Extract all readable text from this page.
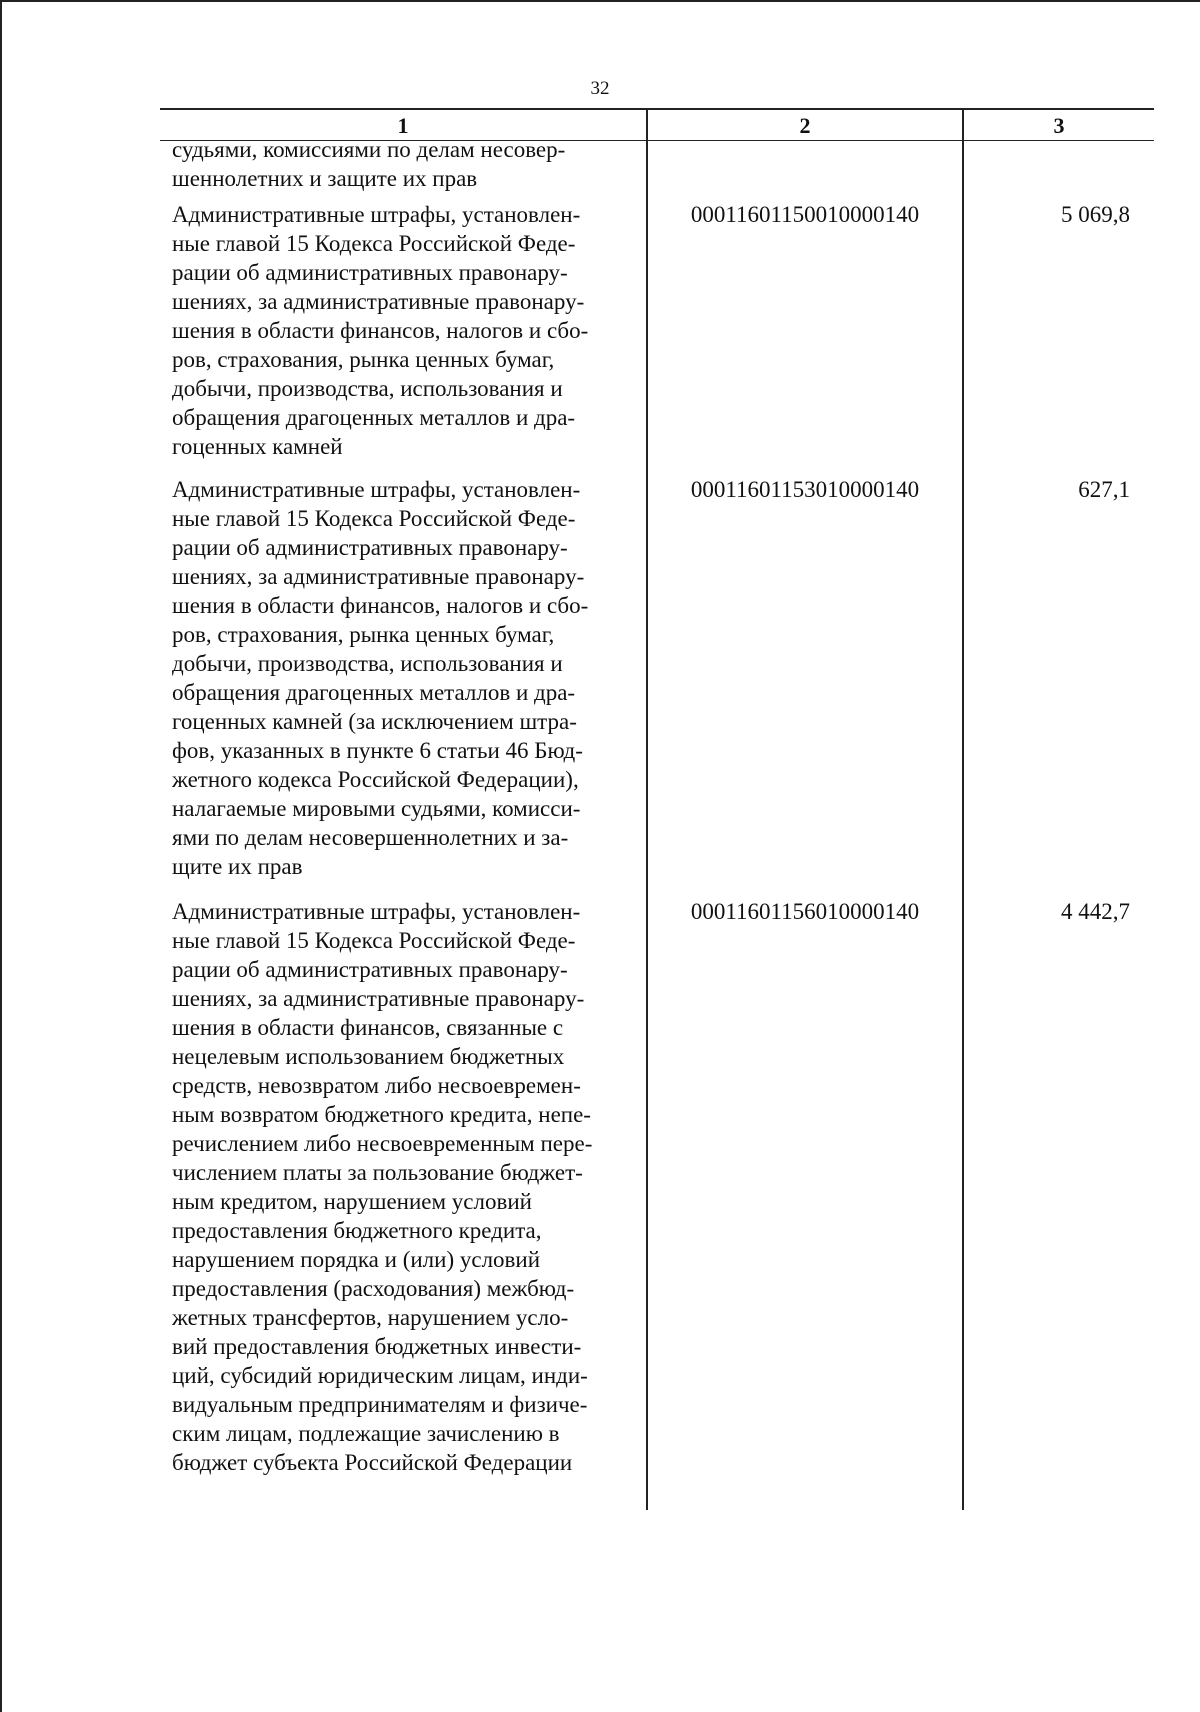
32
1	2	3
судьями, комиссиями по делам несовер-
шеннолетних и защите их прав
Административные штрафы, установлен-
ные главой 15 Кодекса Российской Феде-
рации об административных правонару-
шениях, за административные правонару-
шения в области финансов, налогов и сбо-
ров, страхования, рынка ценных бумаг,
добычи, производства, использования и
обращения драгоценных металлов и дра-
гоценных камней
00011601150010000140	5 069,8
Административные штрафы, установлен-
ные главой 15 Кодекса Российской Феде-
рации об административных правонару-
шениях, за административные правонару-
шения в области финансов, налогов и сбо-
ров, страхования, рынка ценных бумаг,
добычи, производства, использования и
обращения драгоценных металлов и дра-
гоценных камней (за исключением штра-
фов, указанных в пункте 6 статьи 46 Бюд-
жетного кодекса Российской Федерации),
налагаемые мировыми судьями, комисси-
ями по делам несовершеннолетних и за-
щите их прав
00011601153010000140	627,1
Административные штрафы, установлен-
ные главой 15 Кодекса Российской Феде-
рации об административных правонару-
шениях, за административные правонару-
шения в области финансов, связанные с
нецелевым использованием бюджетных
средств, невозвратом либо несвоевремен-
ным возвратом бюджетного кредита, непе-
речислением либо несвоевременным пере-
числением платы за пользование бюджет-
ным кредитом, нарушением условий
предоставления бюджетного кредита,
нарушением порядка и (или) условий
предоставления (расходования) межбюд-
жетных трансфертов, нарушением усло-
вий предоставления бюджетных инвести-
ций, субсидий юридическим лицам, инди-
видуальным предпринимателям и физиче-
ским лицам, подлежащие зачислению в
бюджет субъекта Российской Федерации
00011601156010000140	4 442,7
